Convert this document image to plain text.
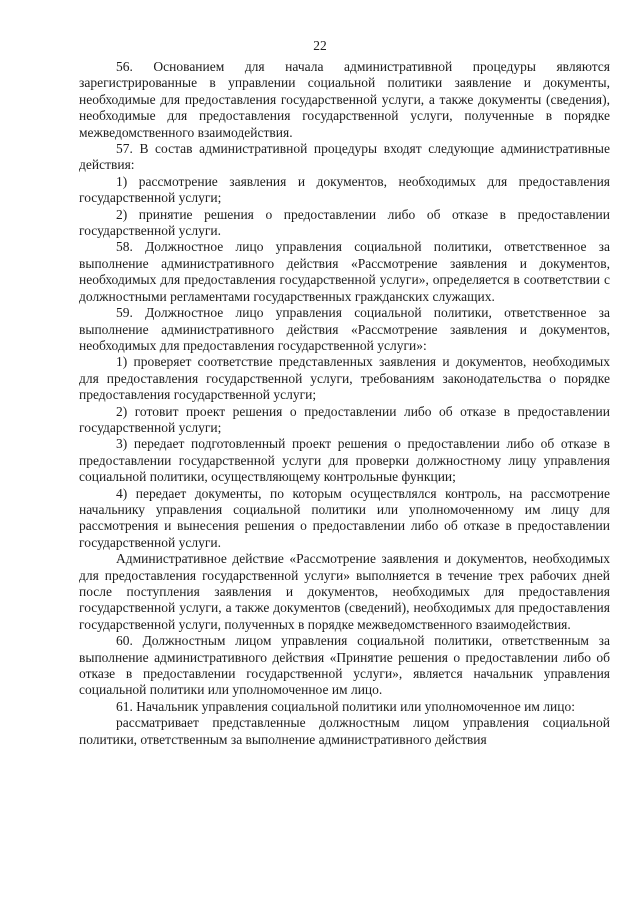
22

56. Основанием для начала административной процедуры являются зарегистрированные в управлении социальной политики заявление и документы, необходимые для предоставления государственной услуги, а также документы (сведения), необходимые для предоставления государственной услуги, полученные в порядке межведомственного взаимодействия.

57. В состав административной процедуры входят следующие административные действия:

1) рассмотрение заявления и документов, необходимых для предоставления государственной услуги;

2) принятие решения о предоставлении либо об отказе в предоставлении государственной услуги.

58. Должностное лицо управления социальной политики, ответственное за выполнение административного действия «Рассмотрение заявления и документов, необходимых для предоставления государственной услуги», определяется в соответствии с должностными регламентами государственных гражданских служащих.

59. Должностное лицо управления социальной политики, ответственное за выполнение административного действия «Рассмотрение заявления и документов, необходимых для предоставления государственной услуги»:

1) проверяет соответствие представленных заявления и документов, необходимых для предоставления государственной услуги, требованиям законодательства о порядке предоставления государственной услуги;

2) готовит проект решения о предоставлении либо об отказе в предоставлении государственной услуги;

3) передает подготовленный проект решения о предоставлении либо об отказе в предоставлении государственной услуги для проверки должностному лицу управления социальной политики, осуществляющему контрольные функции;

4) передает документы, по которым осуществлялся контроль, на рассмотрение начальнику управления социальной политики или уполномоченному им лицу для рассмотрения и вынесения решения о предоставлении либо об отказе в предоставлении государственной услуги.

Административное действие «Рассмотрение заявления и документов, необходимых для предоставления государственной услуги» выполняется в течение трех рабочих дней после поступления заявления и документов, необходимых для предоставления государственной услуги, а также документов (сведений), необходимых для предоставления государственной услуги, полученных в порядке межведомственного взаимодействия.

60. Должностным лицом управления социальной политики, ответственным за выполнение административного действия «Принятие решения о предоставлении либо об отказе в предоставлении государственной услуги», является начальник управления социальной политики или уполномоченное им лицо.

61. Начальник управления социальной политики или уполномоченное им лицо:

рассматривает представленные должностным лицом управления социальной политики, ответственным за выполнение административного действия
